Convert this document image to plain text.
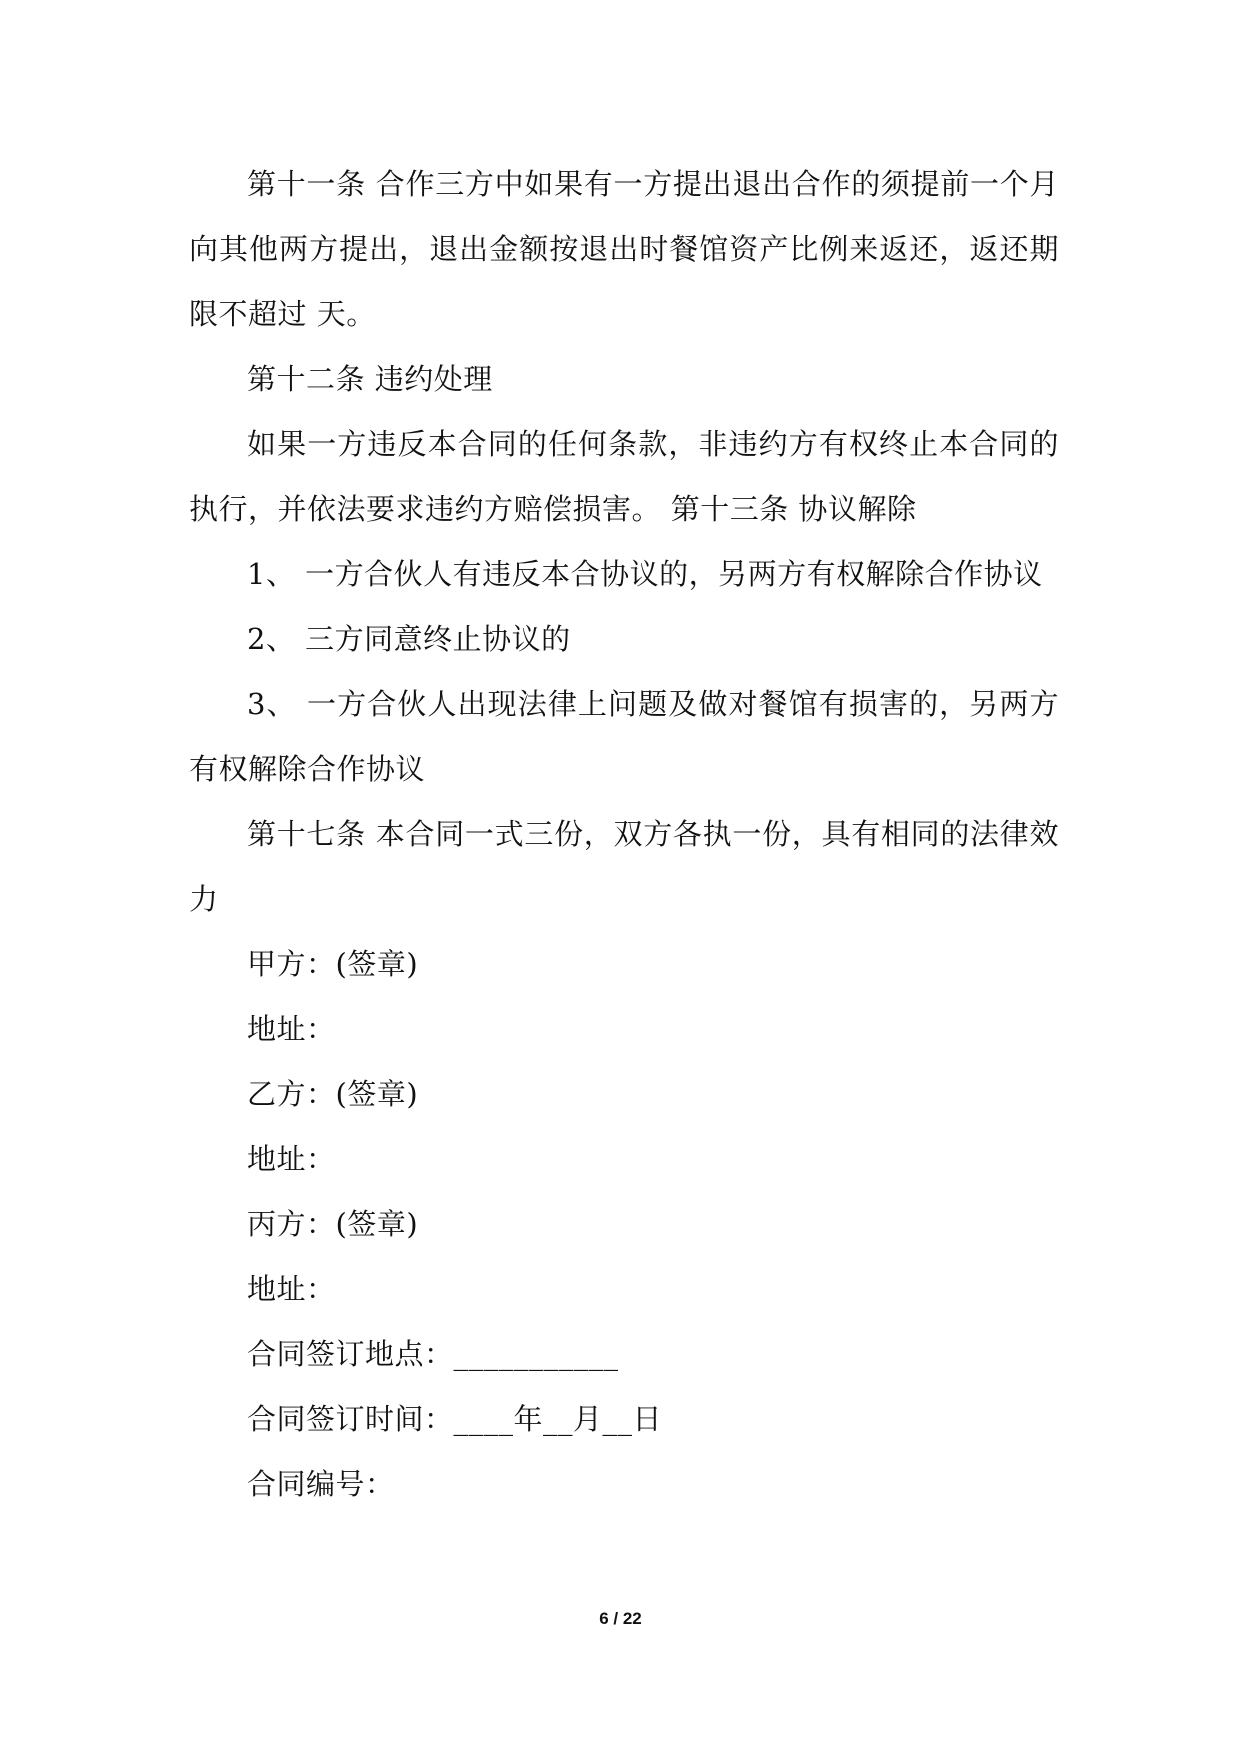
第十一条 合作三方中如果有一方提出退出合作的须提前一个月向其他两方提出，退出金额按退出时餐馆资产比例来返还，返还期限不超过 天。

第十二条 违约处理

如果一方违反本合同的任何条款，非违约方有权终止本合同的执行，并依法要求违约方赔偿损害。 第十三条 协议解除

1、 一方合伙人有违反本合协议的，另两方有权解除合作协议

2、 三方同意终止协议的

3、 一方合伙人出现法律上问题及做对餐馆有损害的，另两方有权解除合作协议

第十七条 本合同一式三份，双方各执一份，具有相同的法律效力

甲方：(签章)

地址：

乙方：(签章)

地址：

丙方：(签章)

地址：

合同签订地点：___________

合同签订时间：____年__月__日

合同编号：

6 / 22
